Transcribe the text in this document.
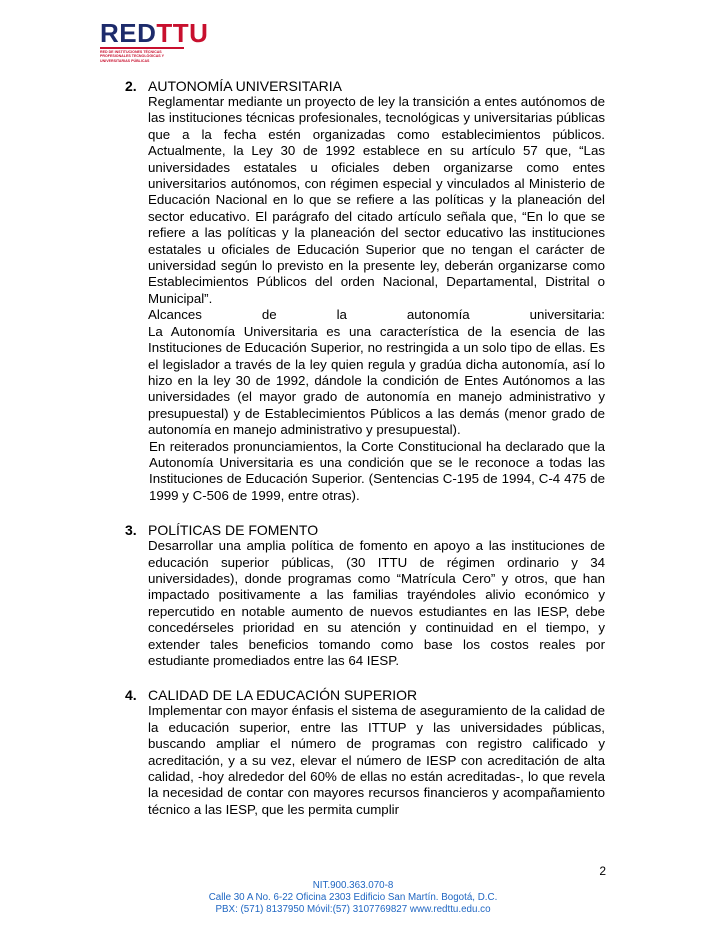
REDTTU
RED DE INSTITUCIONES TÉCNICAS PROFESIONALES TECNOLÓGICAS Y UNIVERSITARIAS PÚBLICAS
2. AUTONOMÍA UNIVERSITARIA
Reglamentar mediante un proyecto de ley la transición a entes autónomos de las instituciones técnicas profesionales, tecnológicas y universitarias públicas que a la fecha estén organizadas como establecimientos públicos. Actualmente, la Ley 30 de 1992 establece en su artículo 57 que, “Las universidades estatales u oficiales deben organizarse como entes universitarios autónomos, con régimen especial y vinculados al Ministerio de Educación Nacional en lo que se refiere a las políticas y la planeación del sector educativo. El parágrafo del citado artículo señala que, “En lo que se refiere a las políticas y la planeación del sector educativo las instituciones estatales u oficiales de Educación Superior que no tengan el carácter de universidad según lo previsto en la presente ley, deberán organizarse como Establecimientos Públicos del orden Nacional, Departamental, Distrital o Municipal”.
Alcances de la autonomía universitaria:
La Autonomía Universitaria es una característica de la esencia de las Instituciones de Educación Superior, no restringida a un solo tipo de ellas. Es el legislador a través de la ley quien regula y gradúa dicha autonomía, así lo hizo en la ley 30 de 1992, dándole la condición de Entes Autónomos a las universidades (el mayor grado de autonomía en manejo administrativo y presupuestal) y de Establecimientos Públicos a las demás (menor grado de autonomía en manejo administrativo y presupuestal).
En reiterados pronunciamientos, la Corte Constitucional ha declarado que la Autonomía Universitaria es una condición que se le reconoce a todas las Instituciones de Educación Superior. (Sentencias C-195 de 1994, C-4 475 de 1999 y C-506 de 1999, entre otras).
3. POLÍTICAS DE FOMENTO
Desarrollar una amplia política de fomento en apoyo a las instituciones de educación superior públicas, (30 ITTU de régimen ordinario y 34 universidades), donde programas como “Matrícula Cero” y otros, que han impactado positivamente a las familias trayéndoles alivio económico y repercutido en notable aumento de nuevos estudiantes en las IESP, debe concedérseles prioridad en su atención y continuidad en el tiempo, y extender tales beneficios tomando como base los costos reales por estudiante promediados entre las 64 IESP.
4. CALIDAD DE LA EDUCACIÓN SUPERIOR
Implementar con mayor énfasis el sistema de aseguramiento de la calidad de la educación superior, entre las ITTUP y las universidades públicas, buscando ampliar el número de programas con registro calificado y acreditación, y a su vez, elevar el número de IESP con acreditación de alta calidad, -hoy alrededor del 60% de ellas no están acreditadas-, lo que revela la necesidad de contar con mayores recursos financieros y acompañamiento técnico a las IESP, que les permita cumplir
2
NIT.900.363.070-8
Calle 30 A No. 6-22 Oficina 2303 Edificio San Martín. Bogotá, D.C.
PBX: (571) 8137950 Móvil:(57) 3107769827 www.redttu.edu.co
